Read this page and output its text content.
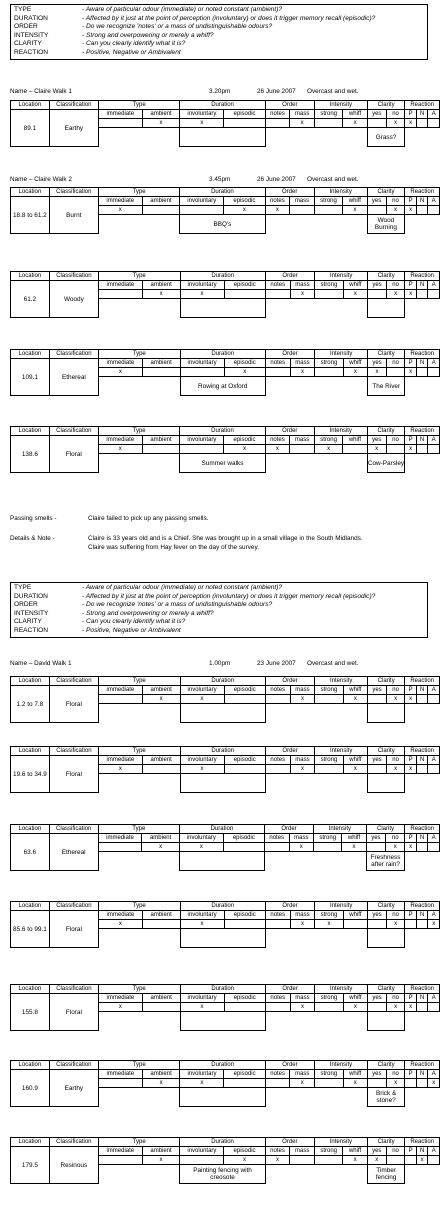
TYPE	- Aware of particular odour (immediate) or noted constant (ambient)?
DURATION	- Affected by it just at the point of perception (involuntary) or does it trigger memory recall (episodic)?
ORDER	- Do we recognize 'notes' or a mass of undistinguishable odours?
INTENSITY	- Strong and overpowering or merely a whiff?
CLARITY	- Can you clearly identify what it is?
REACTION	- Positive, Negative or Ambivalent
Name – Claire Walk 1	3.20pm	26 June 2007 Overcast and wet.
Name – Claire Walk 2	3.45pm	26 June 2007 Overcast and wet.
Location	Classification	Type		Duration		Order		Intensity		Clarity		Reaction		
89.1	Earthy	immediate	ambient	involuntary	episodic	notes	mass	strong	whiff	yes	no	P	N	A
			x	x			x		x		x	x		
										Grass?				
Location	Classification	Type		Duration		Order		Intensity		Clarity		Reaction		
18.8 to 61.2	Burnt	immediate	ambient	involuntary	episodic	notes	mass	strong	whiff	yes	no	P	N	A
		x			x	x			x		x	x		
				BBQ's						Wood Burning				
Location	Classification	Type		Duration		Order		Intensity		Clarity		Reaction		
61.2	Woody	immediate	ambient	involuntary	episodic	notes	mass	strong	whiff	yes	no	P	N	A
			x	x			x		x		x	x		

Location	Classification	Type		Duration		Order		Intensity		Clarity		Reaction		
109.1	Ethereal	immediate	ambient	involuntary	episodic	notes	mass	strong	whiff	yes	no	P	N	A
		x			x		x		x	x		x		
				Rowing at Oxford						The River				
Location	Classification	Type		Duration		Order		Intensity		Clarity		Reaction		
138.6	Floral	immediate	ambient	involuntary	episodic	notes	mass	strong	whiff	yes	no	P	N	A
		x			x	x		x		x		x		
				Summer walks						Cow-Parsley				
Location	Classification	Type		Duration		Order		Intensity		Clarity		Reaction		
1.2 to 7.8	Floral	immediate	ambient	involuntary	episodic	notes	mass	strong	whiff	yes	no	P	N	A
			x	x			x		x		x	x		

Location	Classification	Type		Duration		Order		Intensity		Clarity		Reaction		
19.6 to 34.9	Floral	immediate	ambient	involuntary	episodic	notes	mass	strong	whiff	yes	no	P	N	A
		x		x			x		x		x	x		

Location	Classification	Type		Duration		Order		Intensity		Clarity		Reaction		
63.6	Ethereal	immediate	ambient	involuntary	episodic	notes	mass	strong	whiff	yes	no	P	N	A
			x	x			x		x		x	x		
										Freshness after rain?				
Location	Classification	Type		Duration		Order		Intensity		Clarity		Reaction		
85.6 to 99.1	Floral	immediate	ambient	involuntary	episodic	notes	mass	strong	whiff	yes	no	P	N	A
		x		x			x	x			x			x

Location	Classification	Type		Duration		Order		Intensity		Clarity		Reaction		
155.8	Floral	immediate	ambient	involuntary	episodic	notes	mass	strong	whiff	yes	no	P	N	A
		x		x			x		x		x	x		

Location	Classification	Type		Duration		Order		Intensity		Clarity		Reaction		
160.9	Earthy	immediate	ambient	involuntary	episodic	notes	mass	strong	whiff	yes	no	P	N	A
			x	x			x		x		x			x
										Brick & stone?				
Location	Classification	Type		Duration		Order		Intensity		Clarity		Reaction		
179.5	Resinous	immediate	ambient	involuntary	episodic	notes	mass	strong	whiff	yes	no	P	N	A
			x		x	x			x	x			x	
				Painting fencing with creosote						Timber fencing				
Passing smells -	Claire failed to pick up any passing smells.
Details & Note -	Claire is 33 years old and is a Chief. She was brought up in a small village in the South Midlands.
Claire was suffering from Hay fever on the day of the survey.
TYPE	- Aware of particular odour (immediate) or noted constant (ambient)?
DURATION	- Affected by it just at the point of perception (involuntary) or does it trigger memory recall (episodic)?
ORDER	- Do we recognize 'notes' or a mass of undistinguishable odours?
INTENSITY	- Strong and overpowering or merely a whiff?
CLARITY	- Can you clearly identify what it is?
REACTION	- Positive, Negative or Ambivalent
Name – David Walk 1	1.00pm	23 June 2007 Overcast and wet.
